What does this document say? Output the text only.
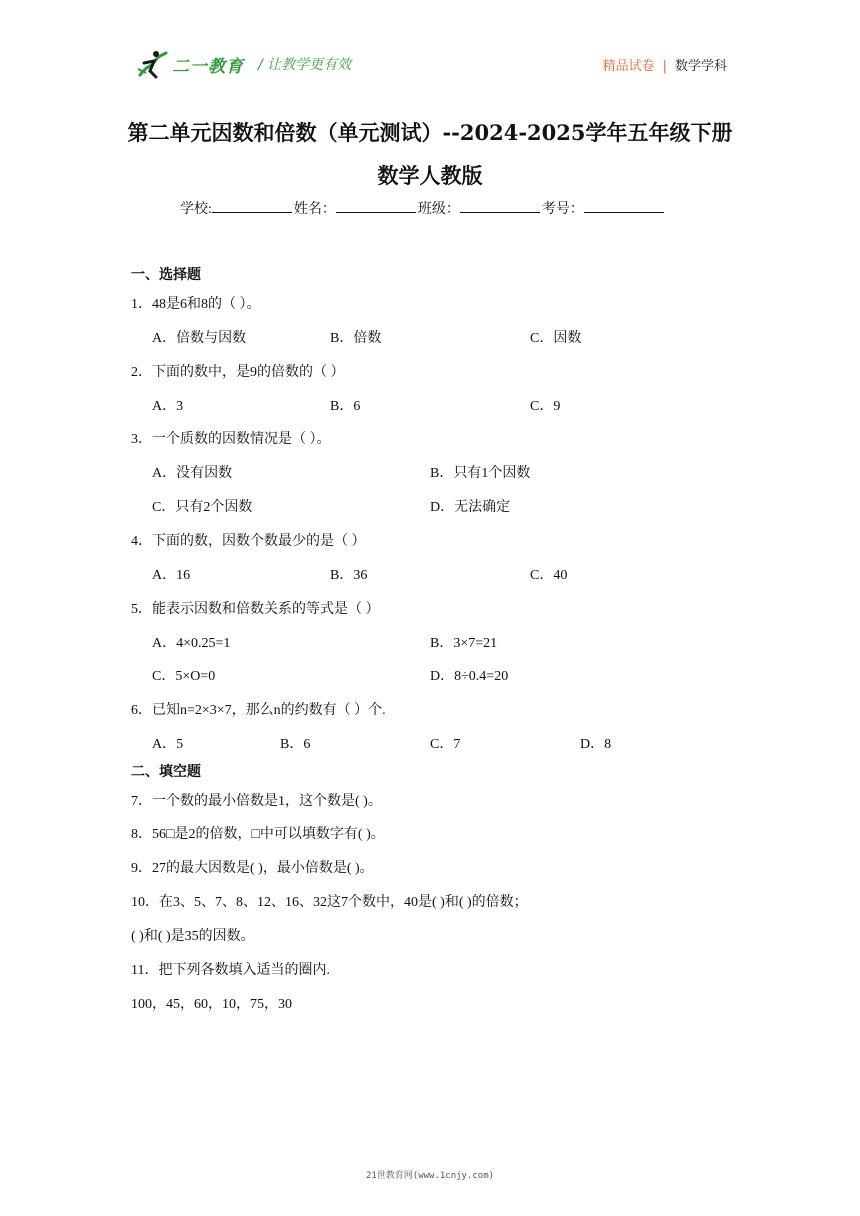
二一教育 / 让教学更有效	精品试卷 | 数学学科
第二单元因数和倍数（单元测试）--2024-2025学年五年级下册
数学人教版
学校:	姓名：	班级：	考号：
一、选择题
1．48是6和8的（ ）。
A．倍数与因数	B．倍数	C．因数
2．下面的数中，是9的倍数的（ ）
A．3	B．6	C．9
3．一个质数的因数情况是（ ）。
A．没有因数	B．只有1个因数
C．只有2个因数	D．无法确定
4．下面的数，因数个数最少的是（ ）
A．16	B．36	C．40
5．能表示因数和倍数关系的等式是（ ）
A．4×0.25=1	B．3×7=21
C．5×O=0	D．8÷0.4=20
6．已知n=2×3×7，那么n的约数有（ ）个.
A．5	B．6	C．7	D．8
二、填空题
7．一个数的最小倍数是1，这个数是( )。
8．56□是2的倍数，□中可以填数字有( )。
9．27的最大因数是( )，最小倍数是( )。
10．在3、5、7、8、12、16、32这7个数中，40是( )和( )的倍数；
( )和( )是35的因数。
11．把下列各数填入适当的圈内.
100，45，60，10，75，30
21世教育网(www.1cnjy.com)
